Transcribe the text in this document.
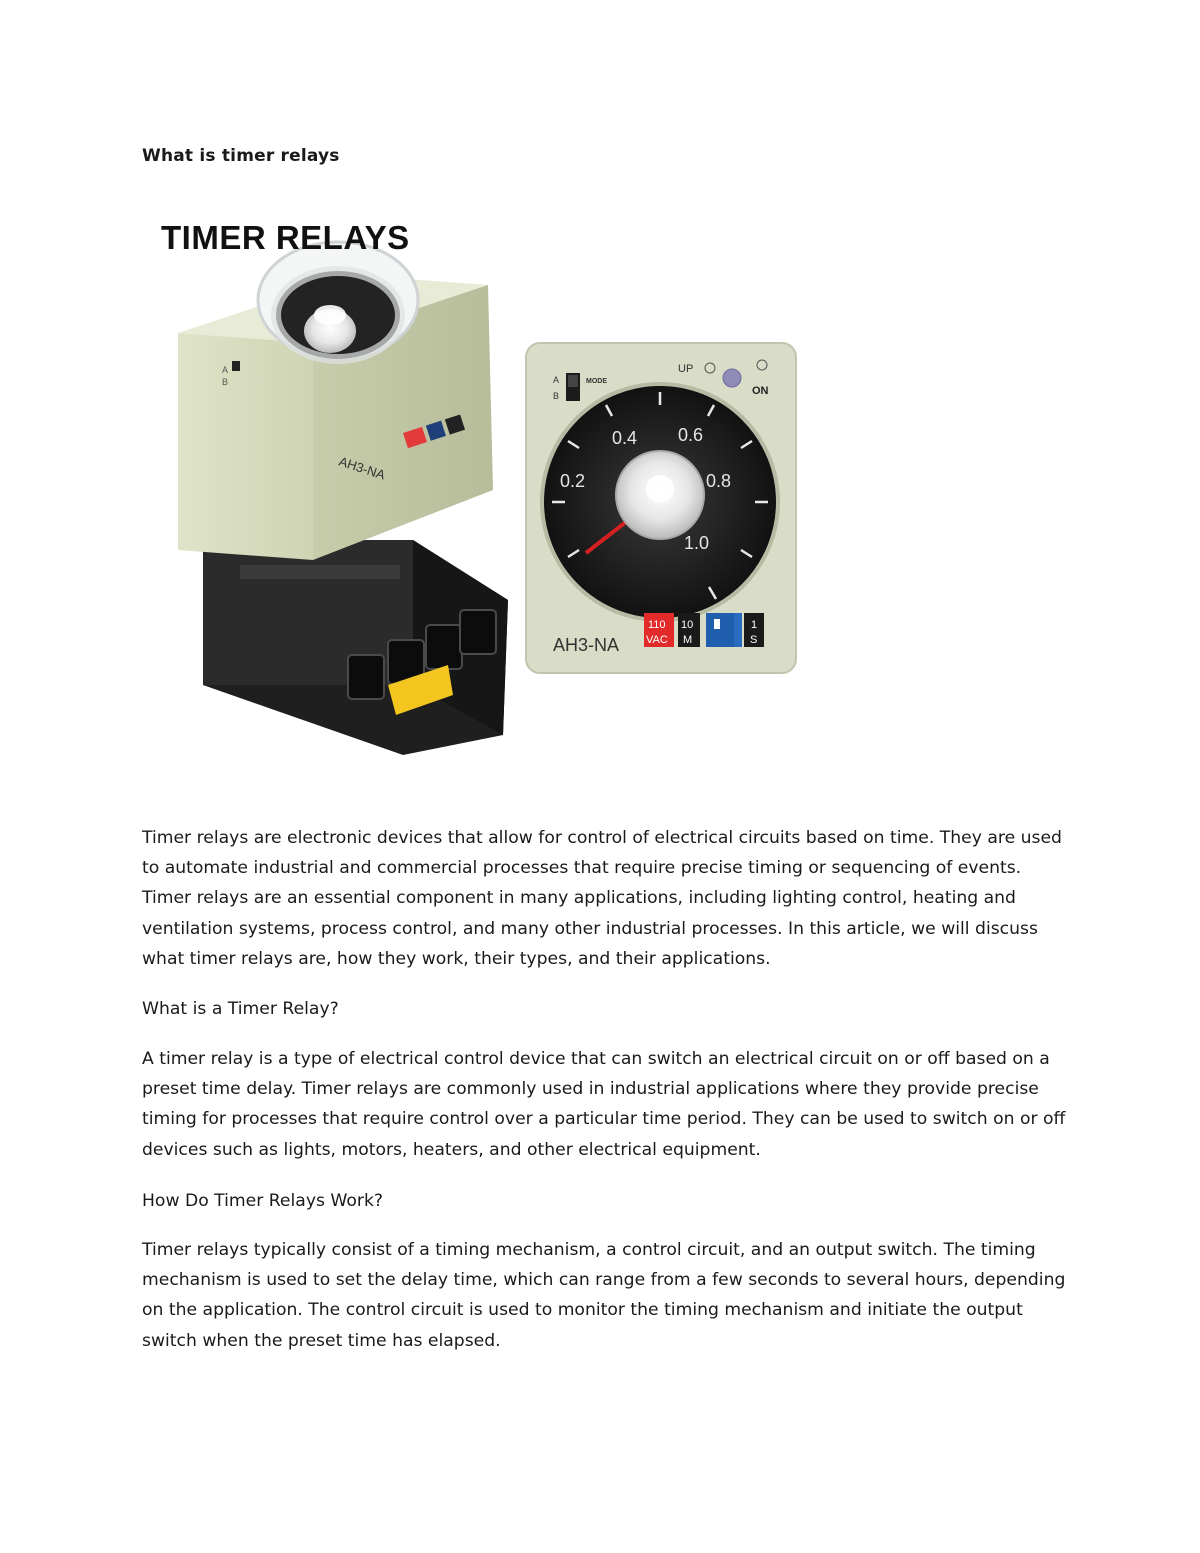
What is timer relays
A
B
AH3-NA
A
B
MODE
UP
ON
0.2
0.4 0.6
0.8
1.0
AH3-NA
110
VAC
10
M
1
S
TIMER RELAYS

Timer relays are electronic devices that allow for control of electrical circuits based on time. They are used to automate industrial and commercial processes that require precise timing or sequencing of events. Timer relays are an essential component in many applications, including lighting control, heating and ventilation systems, process control, and many other industrial processes. In this article, we will discuss what timer relays are, how they work, their types, and their applications.

What is a Timer Relay?

A timer relay is a type of electrical control device that can switch an electrical circuit on or off based on a preset time delay. Timer relays are commonly used in industrial applications where they provide precise timing for processes that require control over a particular time period. They can be used to switch on or off devices such as lights, motors, heaters, and other electrical equipment.

How Do Timer Relays Work?

Timer relays typically consist of a timing mechanism, a control circuit, and an output switch. The timing mechanism is used to set the delay time, which can range from a few seconds to several hours, depending on the application. The control circuit is used to monitor the timing mechanism and initiate the output switch when the preset time has elapsed.
